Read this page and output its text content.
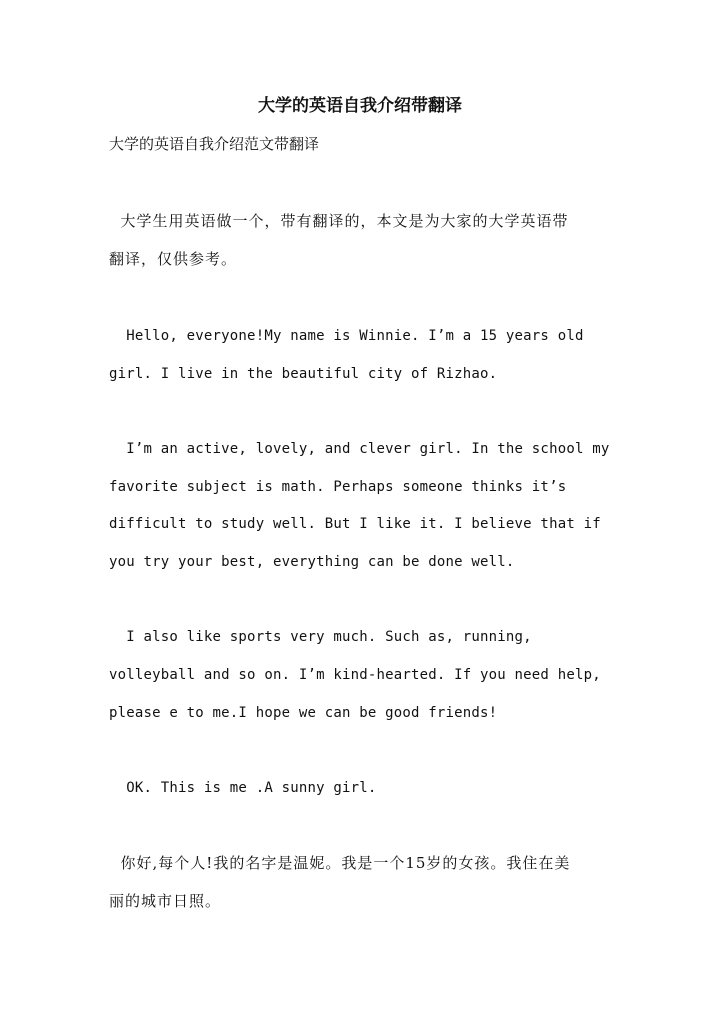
大学的英语自我介绍带翻译
大学的英语自我介绍范文带翻译
大学生用英语做一个，带有翻译的，本文是为大家的大学英语带
翻译，仅供参考。
Hello, everyone!My name is Winnie. I’m a 15 years old
girl. I live in the beautiful city of Rizhao.
I’m an active, lovely, and clever girl. In the school my
favorite subject is math. Perhaps someone thinks it’s
difficult to study well. But I like it. I believe that if
you try your best, everything can be done well.
I also like sports very much. Such as, running,
volleyball and so on. I’m kind-hearted. If you need help,
please e to me.I hope we can be good friends!
OK. This is me .A sunny girl.
你好,每个人!我的名字是温妮。我是一个15岁的女孩。我住在美
丽的城市日照。
